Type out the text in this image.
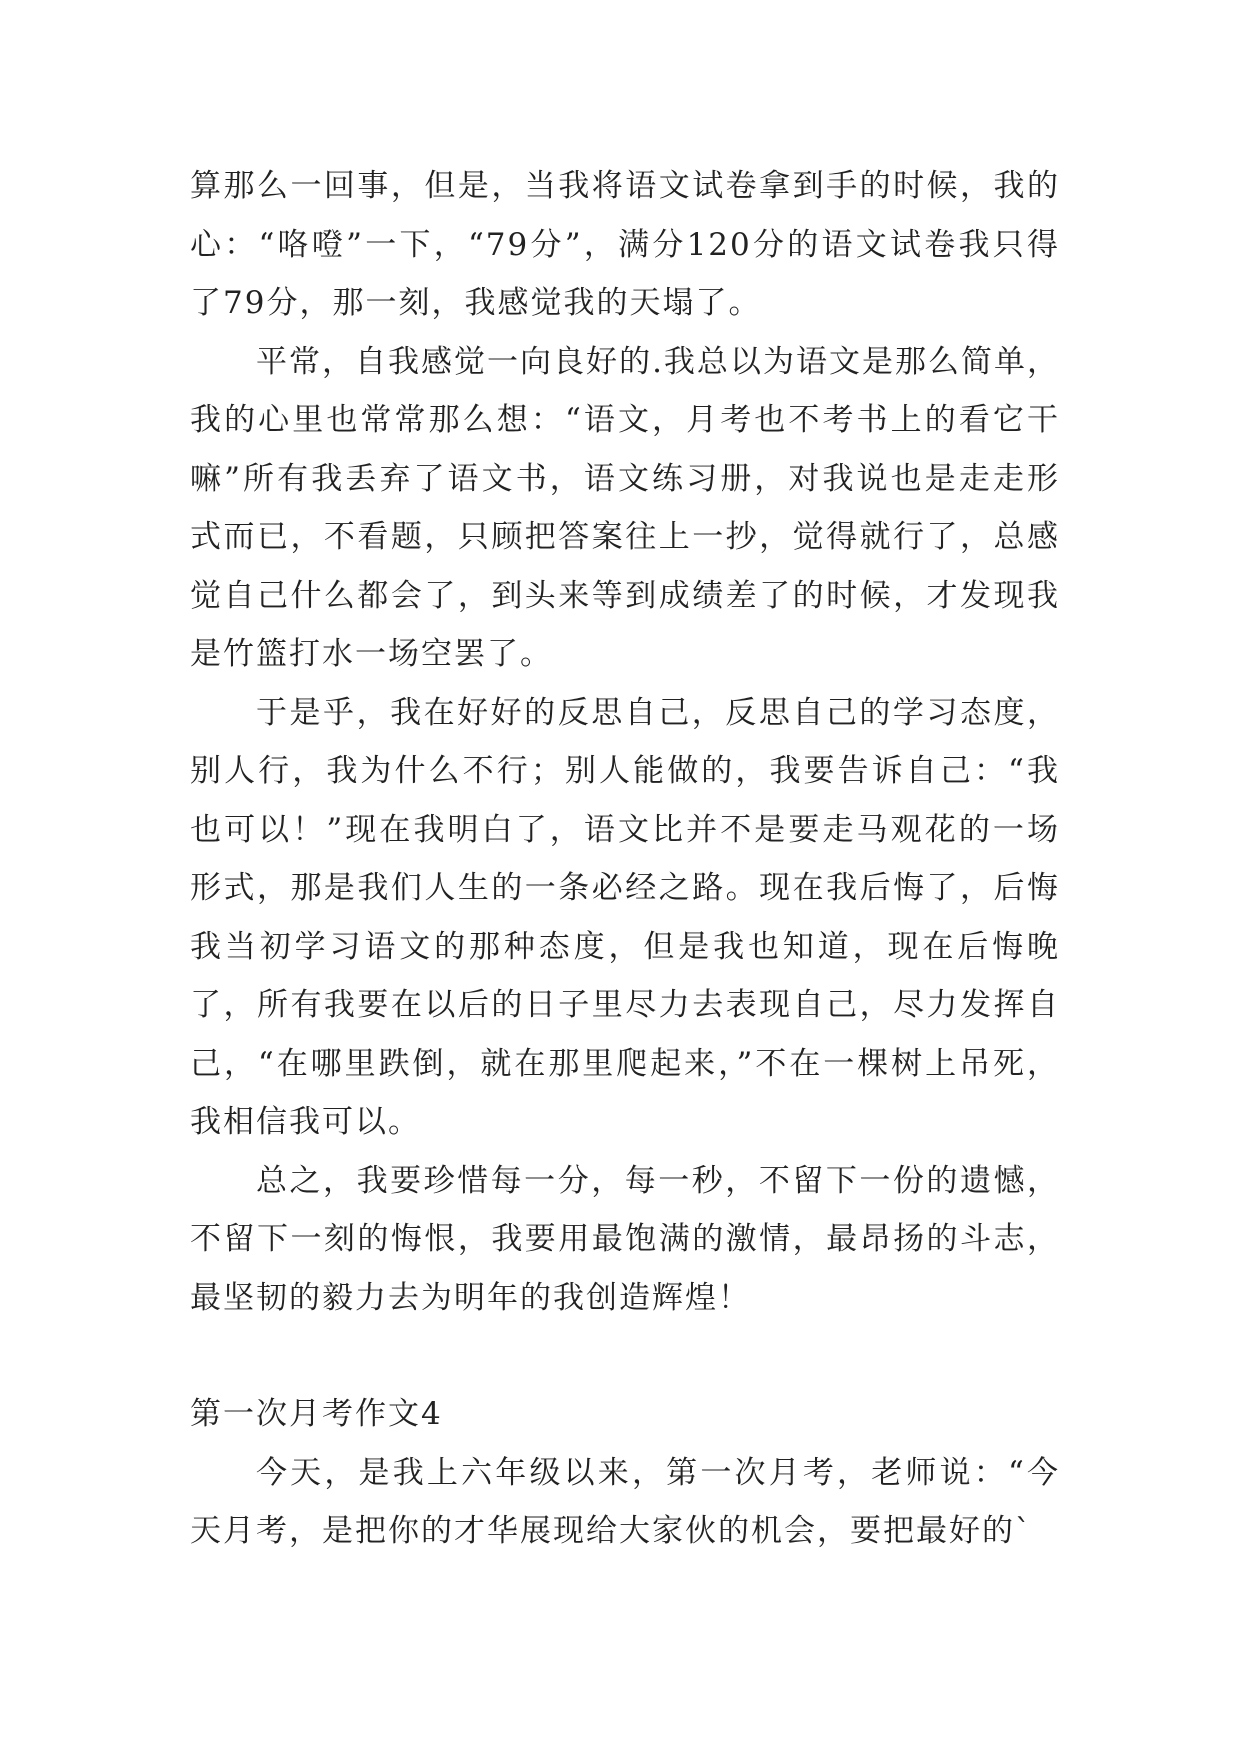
算那么一回事，但是，当我将语文试卷拿到手的时候，我的心：“咯噔”一下，“79分”，满分120分的语文试卷我只得了79分，那一刻，我感觉我的天塌了。

平常，自我感觉一向良好的.我总以为语文是那么简单，我的心里也常常那么想：“语文，月考也不考书上的看它干嘛”所有我丢弃了语文书，语文练习册，对我说也是走走形式而已，不看题，只顾把答案往上一抄，觉得就行了，总感觉自己什么都会了，到头来等到成绩差了的时候，才发现我是竹篮打水一场空罢了。

于是乎，我在好好的反思自己，反思自己的学习态度，别人行，我为什么不行；别人能做的，我要告诉自己：“我也可以！”现在我明白了，语文比并不是要走马观花的一场形式，那是我们人生的一条必经之路。现在我后悔了，后悔我当初学习语文的那种态度，但是我也知道，现在后悔晚了，所有我要在以后的日子里尽力去表现自己，尽力发挥自己，“在哪里跌倒，就在那里爬起来，”不在一棵树上吊死，我相信我可以。

总之，我要珍惜每一分，每一秒，不留下一份的遗憾，不留下一刻的悔恨，我要用最饱满的激情，最昂扬的斗志，最坚韧的毅力去为明年的我创造辉煌！

第一次月考作文4

今天，是我上六年级以来，第一次月考，老师说：“今天月考，是把你的才华展现给大家伙的机会，要把最好的`
